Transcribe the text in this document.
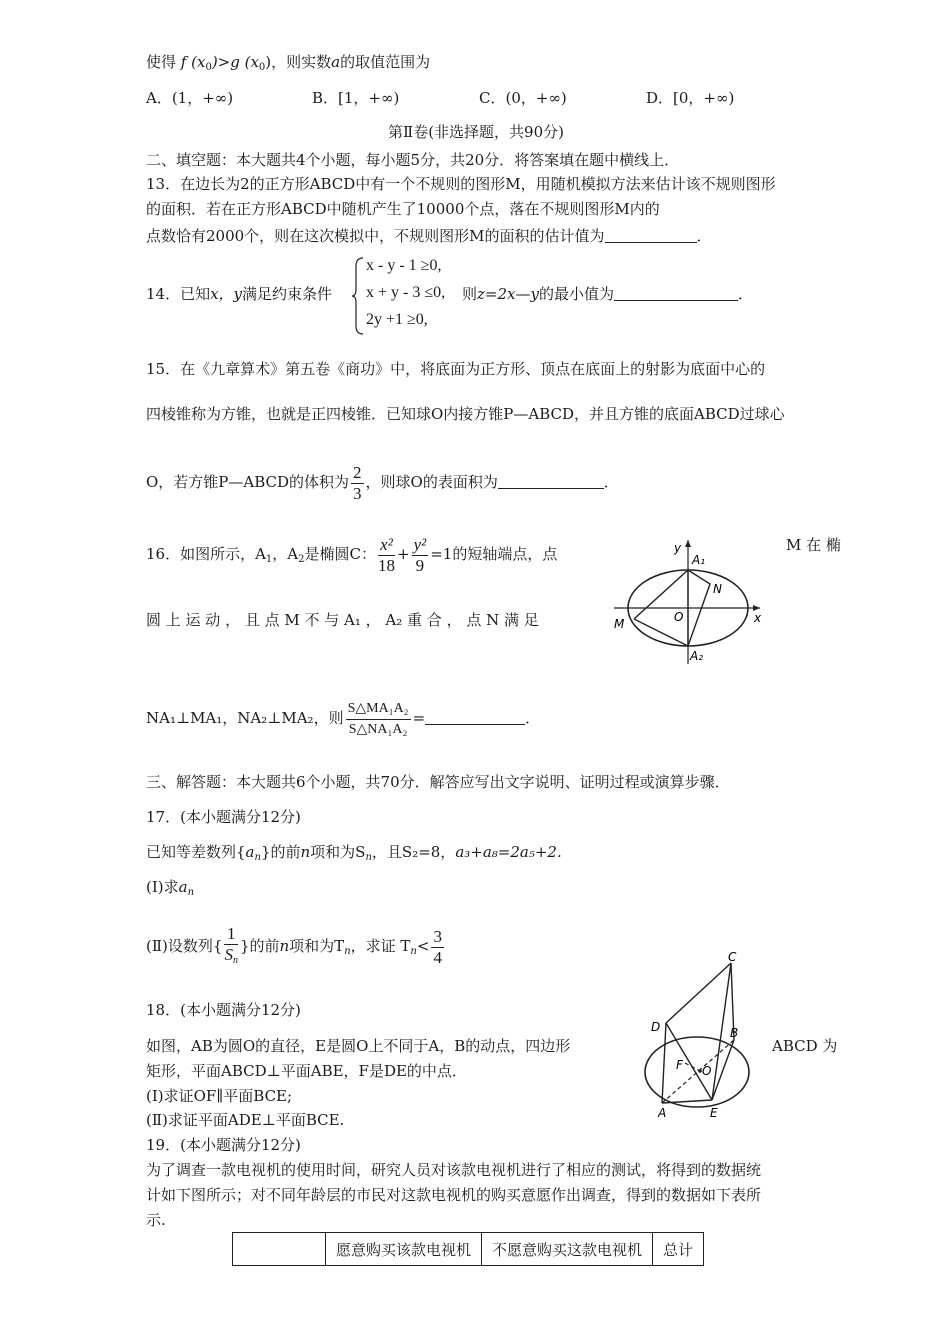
使得 f $(x_0)>g$ $(x_0)$，则实数a的取值范围为
A．(1，+∞)	B．[1，+∞)	C．(0，+∞)	D．[0，+∞)
第Ⅱ卷(非选择题，共90分)
二、填空题：本大题共4个小题，每小题5分，共20分．将答案填在题中横线上．
13．在边长为2的正方形ABCD中有一个不规则的图形M，用随机模拟方法来估计该不规则图形
的面积．若在正方形ABCD中随机产生了10000个点，落在不规则图形M内的
点数恰有2000个，则在这次模拟中，不规则图形M的面积的估计值为	．
14．已知x，y满足约束条件
x - y - 1 ≥0,
x + y - 3 ≤0,
2y +1 ≥0,
则z=2x—y的最小值为	．
15．在《九章算术》第五卷《商功》中，将底面为正方形、顶点在底面上的射影为底面中心的
四棱锥称为方锥，也就是正四棱锥．已知球O内接方锥P—ABCD，并且方锥的底面ABCD过球心
O，若方锥P—ABCD的体积为 $\frac{2}{3}$ ，则球O的表面积为	．
16．如图所示，$A_1$，$A_2$是椭圆C： $\frac{\text{x²}}{18} + \frac{\text{y²}}{9} =1$的短轴端点，点	M 在 椭
圆 上 运 动 ， 且 点 M 不 与 A₁ ， A₂ 重 合 ， 点 N 满 足
NA₁⊥MA₁，NA₂⊥MA₂，则 $\frac{\text{S△MA₁A₂}}{\text{S△NA₁A₂}}$ =	．
y
A₁
N
O	x
M
A₂
三、解答题：本大题共6个小题，共70分．解答应写出文字说明、证明过程或演算步骤．
17．(本小题满分12分)
已知等差数列$\{a_n\}$的前n项和为$S_n$，且S₂=8，a₃+a₈=2a₅+2.
(Ⅰ)求$a_n$
(Ⅱ)设数列{ $\frac{1}{S_n}$ }的前n项和为$T_n$，求证 $T_n< \frac{3}{4}$
18．(本小题满分12分)
如图，AB为圆O的直径，E是圆O上不同于A，B的动点，四边形	ABCD 为
矩形，平面ABCD⊥平面ABE，F是DE的中点．
(Ⅰ)求证OF∥平面BCE;
(Ⅱ)求证平面ADE⊥平面BCE.
C
D	B
F O
A	E
19．(本小题满分12分)
为了调查一款电视机的使用时间，研究人员对该款电视机进行了相应的测试，将得到的数据统
计如下图所示；对不同年龄层的市民对这款电视机的购买意愿作出调查，得到的数据如下表所
示.
	愿意购买该款电视机	不愿意购买这款电视机	总计
